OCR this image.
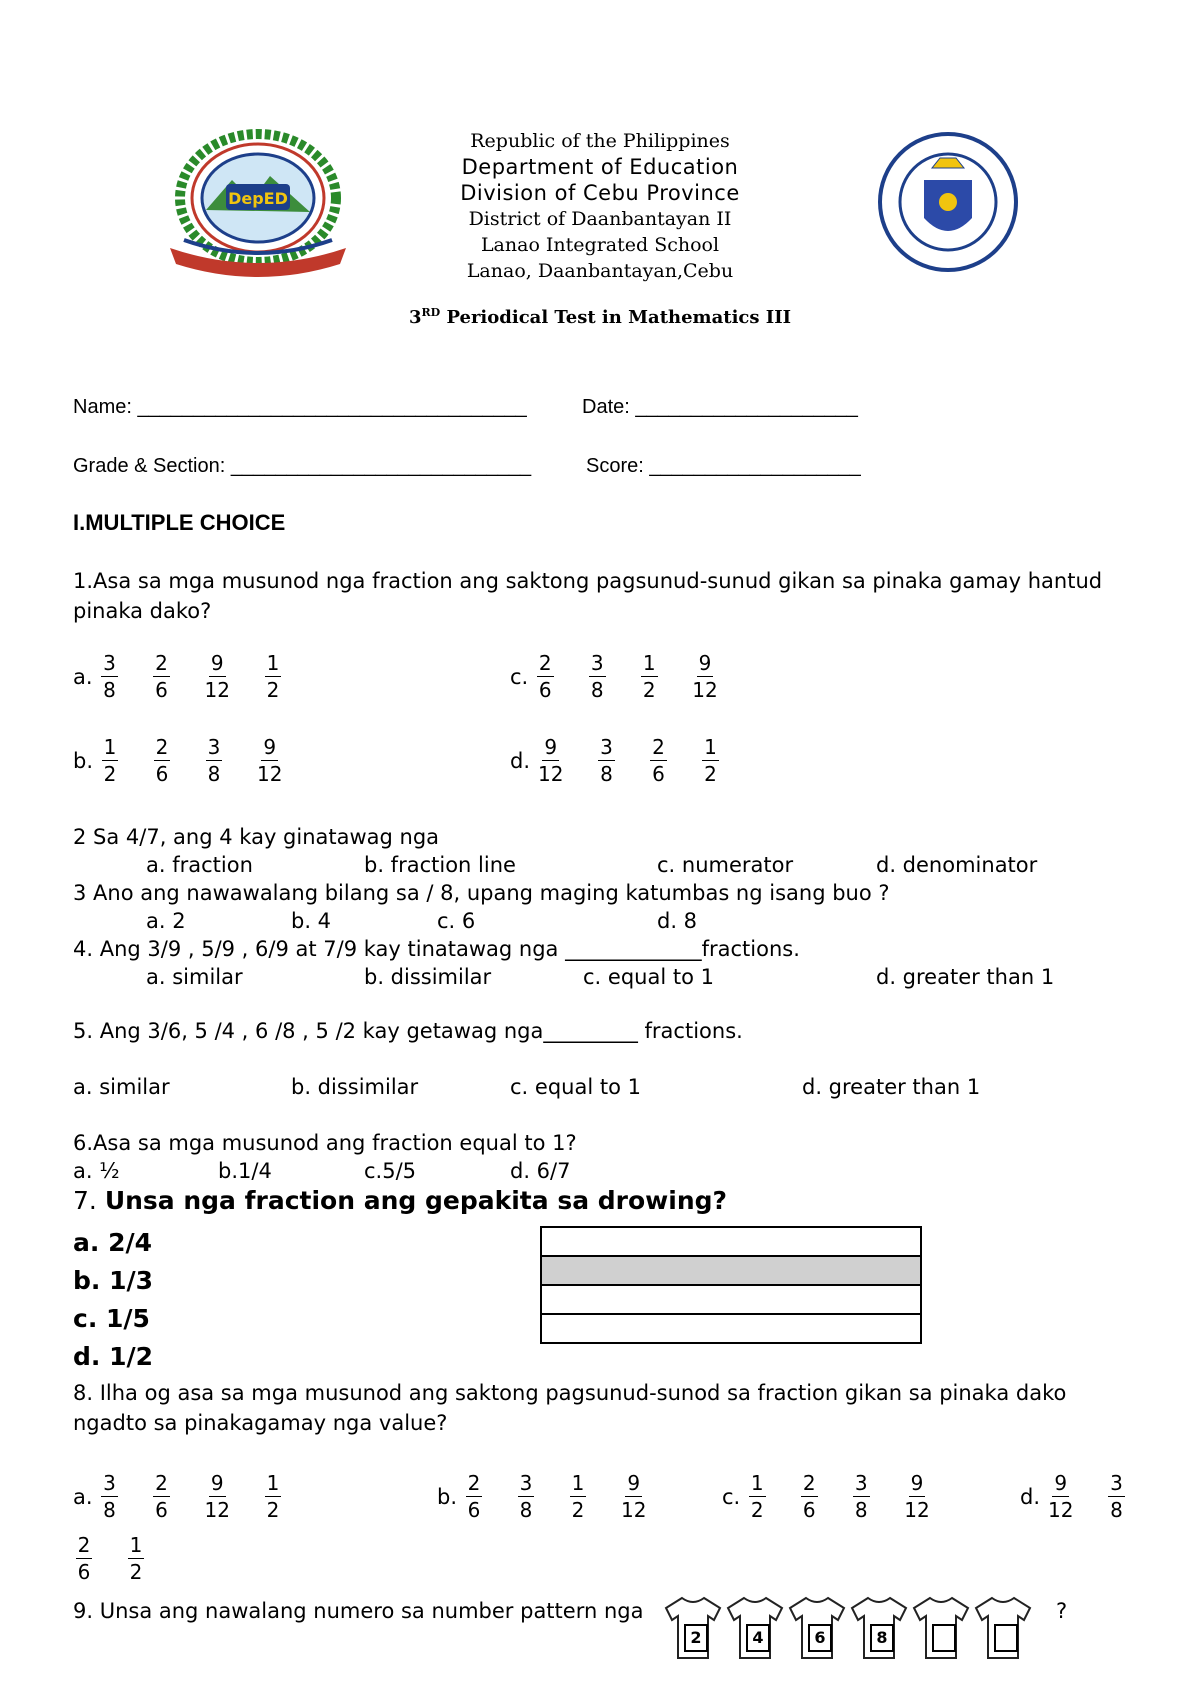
DepED
Republic of the Philippines
Department of Education
Division of Cebu Province
District of Daanbantayan II
Lanao Integrated School
Lanao, Daanbantayan,Cebu
3RD Periodical Test in Mathematics III
Name: ___________________________________	Date: ____________________
Grade & Section: ___________________________	Score: ___________________
I.MULTIPLE CHOICE
1.Asa sa mga musunod nga fraction ang saktong pagsunud-sunud gikan sa pinaka gamay hantud
pinaka dako?
a. $\frac{3}{8} \frac{2}{6} \frac{9}{12} \frac{1}{2}$	c. $\frac{2}{6} \frac{3}{8} \frac{1}{2} \frac{9}{12}$
b. $\frac{1}{2} \frac{2}{6} \frac{3}{8} \frac{9}{12}$	d. $\frac{9}{12} \frac{3}{8} \frac{2}{6} \frac{1}{2}$
2 Sa 4/7, ang 4 kay ginatawag nga
a. fraction	b. fraction line	c. numerator	d. denominator
3 Ano ang nawawalang bilang sa / 8, upang maging katumbas ng isang buo ?
a. 2	b. 4	c. 6	d. 8
4. Ang 3/9 , 5/9 , 6/9 at 7/9 kay tinatawag nga _____________fractions.
a. similar	b. dissimilar	c. equal to 1	d. greater than 1
5. Ang 3/6, 5 /4 , 6 /8 , 5 /2 kay getawag nga_________ fractions.
a. similar	b. dissimilar	c. equal to 1	d. greater than 1
6.Asa sa mga musunod ang fraction equal to 1?
a. ½	b.1/4	c.5/5	d. 6/7
7. Unsa nga fraction ang gepakita sa drowing?
a. 2/4
b. 1/3
c. 1/5
d. 1/2
8. Ilha og asa sa mga musunod ang saktong pagsunud-sunod sa fraction gikan sa pinaka dako
ngadto sa pinakagamay nga value?
a. $\frac{3}{8} \frac{2}{6} \frac{9}{12} \frac{1}{2}$	b. $\frac{2}{6} \frac{3}{8} \frac{1}{2} \frac{9}{12}$	c. $\frac{1}{2} \frac{2}{6} \frac{3}{8} \frac{9}{12}$	d. $\frac{9}{12} \frac{3}{8}$
$\frac{2}{6} \frac{1}{2}$
9. Unsa ang nawalang numero sa number pattern nga
2	4	6	8
?
